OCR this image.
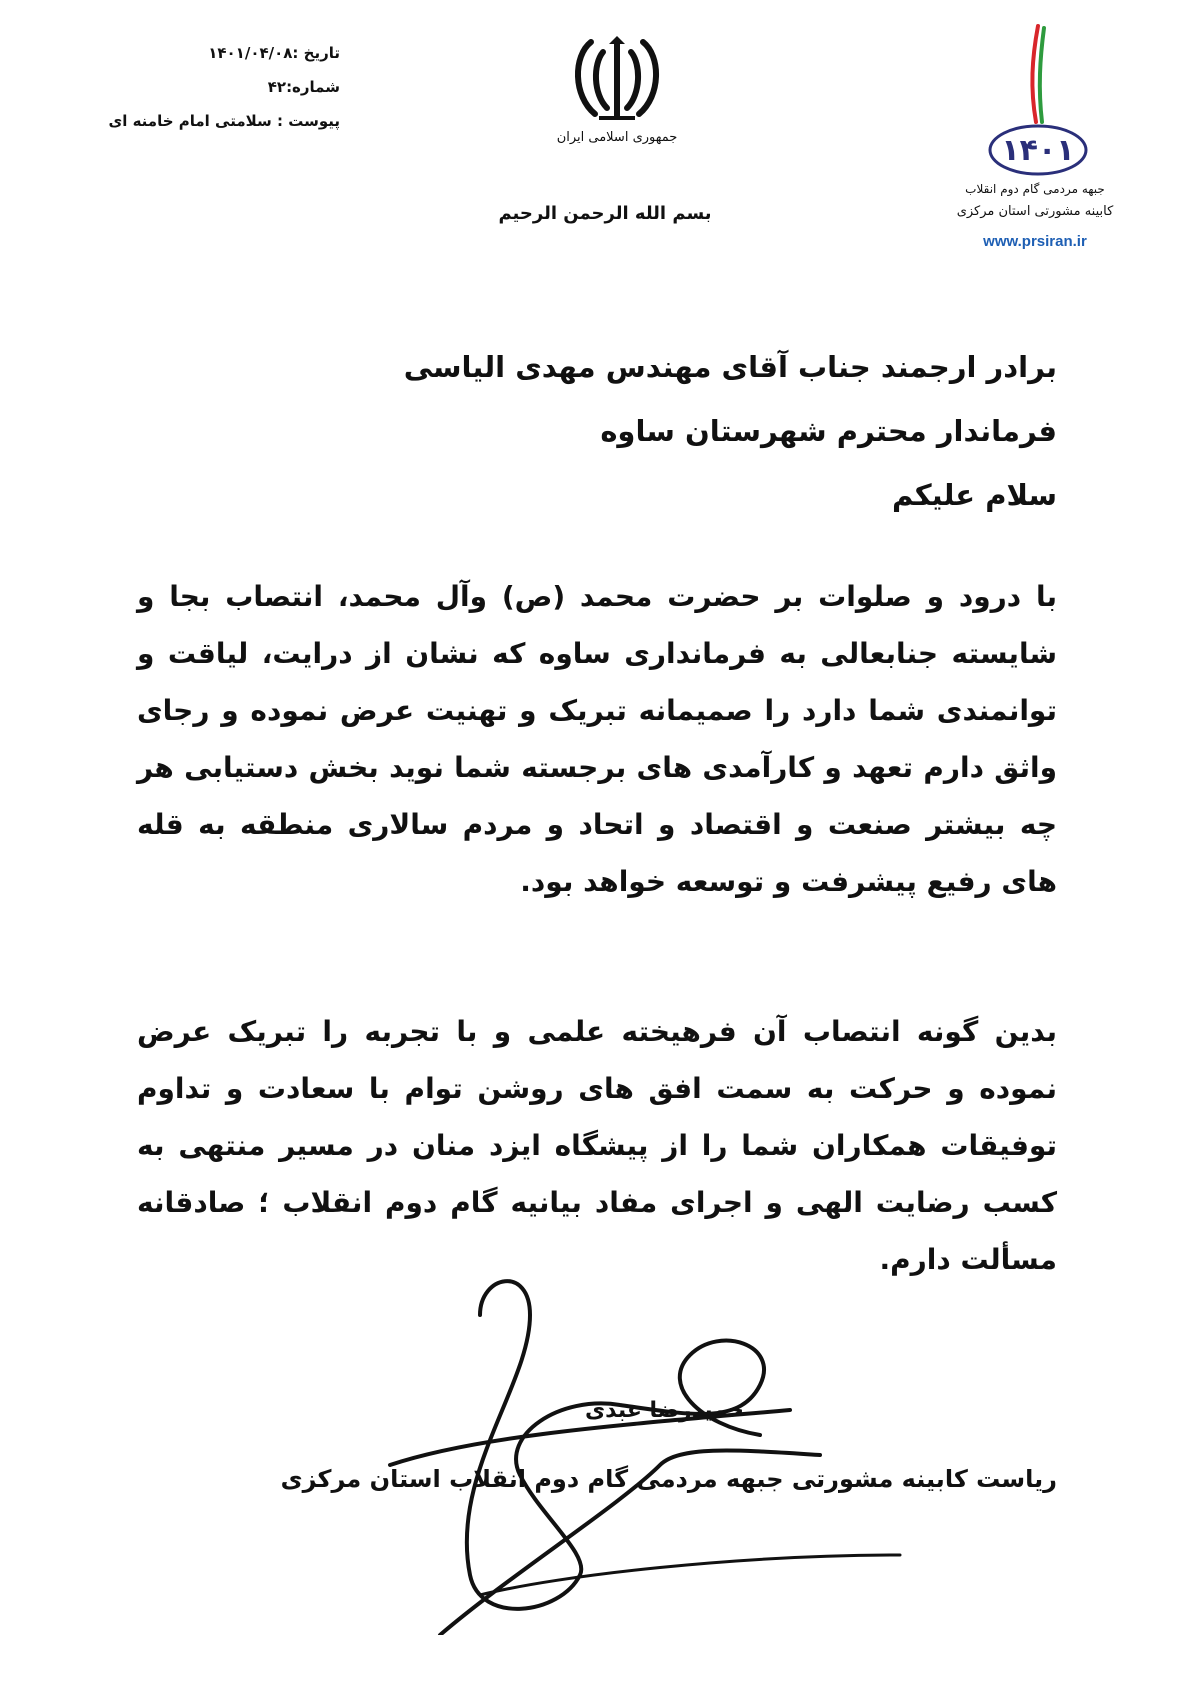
تاریخ :۱۴۰۱/۰۴/۰۸
شماره:۴۲
پیوست : سلامتی امام خامنه ای
جمهوری اسلامی ایران
بسم الله الرحمن الرحیم
۱۴۰۱
جبهه مردمی گام دوم انقلاب
کابینه مشورتی استان مرکزی
www.prsiran.ir
برادر ارجمند جناب آقای مهندس مهدی الیاسی
فرماندار محترم شهرستان ساوه
سلام علیکم
با درود و صلوات بر حضرت محمد (ص) وآل محمد، انتصاب بجا و شایسته جنابعالی به فرمانداری ساوه که نشان از درایت، لیاقت و توانمندی شما دارد را صمیمانه تبریک و تهنیت عرض نموده و رجای واثق دارم تعهد و کارآمدی های برجسته شما نوید بخش دستیابی هر چه بیشتر صنعت و اقتصاد و اتحاد و مردم سالاری منطقه به قله های رفیع پیشرفت و توسعه خواهد بود.
بدین گونه انتصاب آن فرهیخته علمی و با تجربه را تبریک عرض نموده و حرکت به سمت افق های روشن توام با سعادت و تداوم توفیقات همکاران شما را از پیشگاه ایزد منان در مسیر منتهی به کسب رضایت الهی و اجرای مفاد بیانیه گام دوم انقلاب ؛ صادقانه مسألت دارم.
حمیدرضا عبدی
ریاست کابینه مشورتی جبهه مردمی گام دوم انقلاب استان مرکزی
